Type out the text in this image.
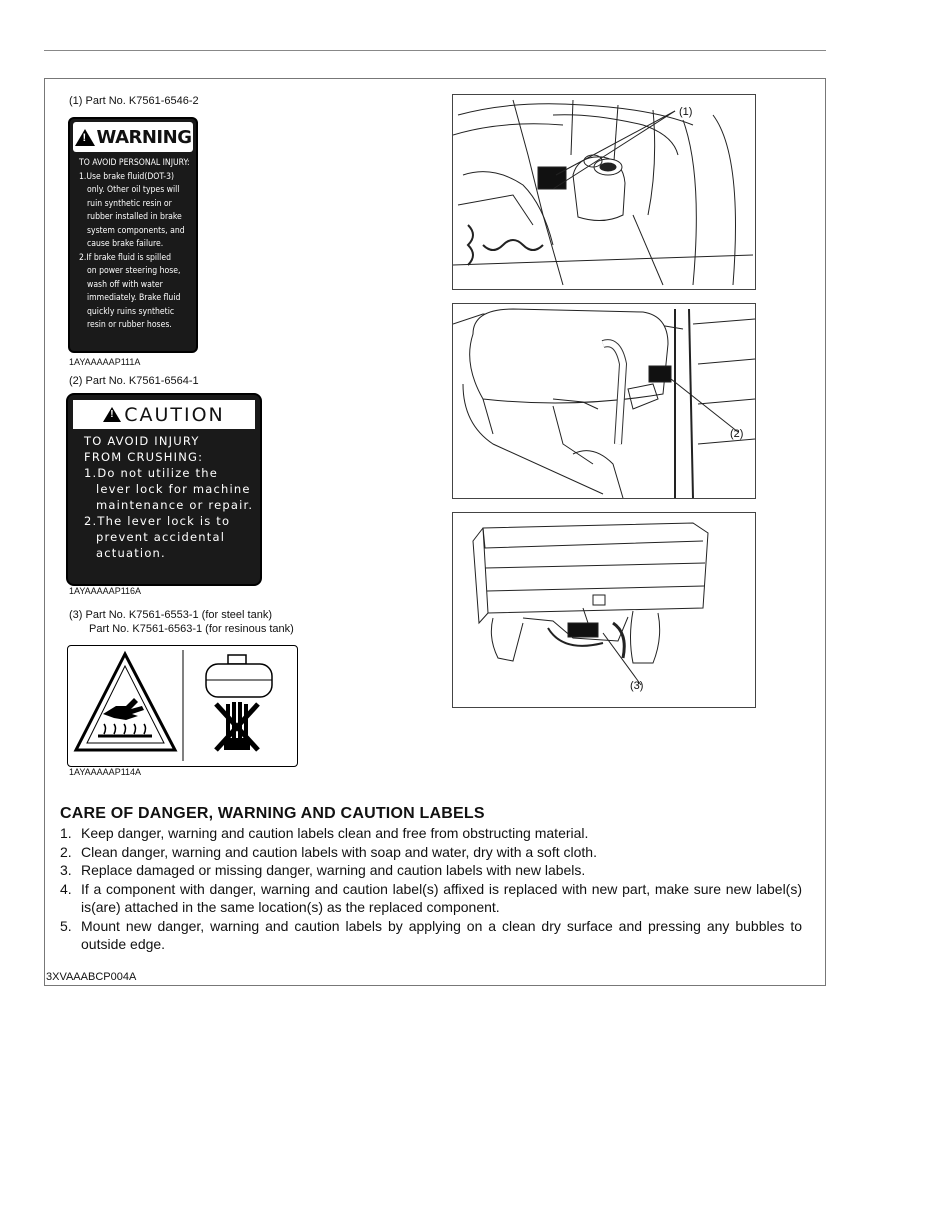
(1) Part No. K7561-6546-2
! WARNING
TO AVOID PERSONAL INJURY:
1.Use brake fluid(DOT-3)
only. Other oil types will
ruin synthetic resin or
rubber installed in brake
system components, and
cause brake failure.
2.If brake fluid is spilled
on power steering hose,
wash off with water
immediately. Brake fluid
quickly ruins synthetic
resin or rubber hoses.
1AYAAAAAP111A
(2) Part No. K7561-6564-1
! CAUTION
TO AVOID INJURY
FROM CRUSHING:
1.Do not utilize the
lever lock for machine
maintenance or repair.
2.The lever lock is to
prevent accidental
actuation.
1AYAAAAAP116A
(3) Part No. K7561-6553-1 (for steel tank)
Part No. K7561-6563-1 (for resinous tank)
1AYAAAAAP114A
(1)
(2)
(3)
CARE OF DANGER, WARNING AND CAUTION LABELS
1. Keep danger, warning and caution labels clean and free from obstructing material.
2. Clean danger, warning and caution labels with soap and water, dry with a soft cloth.
3. Replace damaged or missing danger, warning and caution labels with new labels.
4. If a component with danger, warning and caution label(s) affixed is replaced with new part, make sure new label(s) is(are) attached in the same location(s) as the replaced component.
5. Mount new danger, warning and caution labels by applying on a clean dry surface and pressing any bubbles to outside edge.
3XVAAABCP004A
